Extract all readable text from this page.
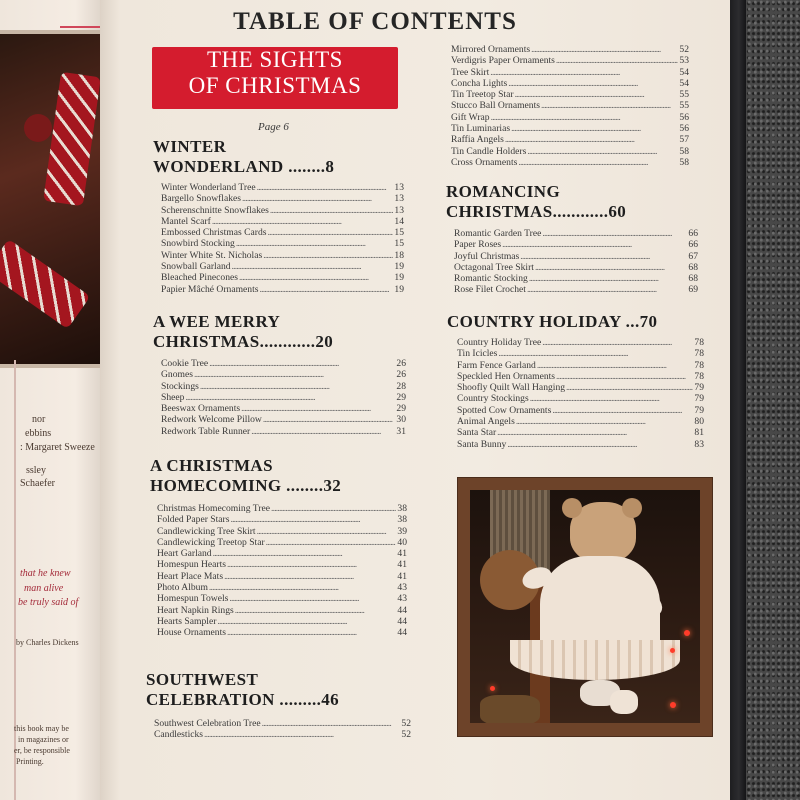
nor
ebbins
: Margaret Sweeze
ssley
Schaefer
that he knew
man alive
be truly said of
by Charles Dickens
this book may be
in magazines or
er, be responsible
Printing.
TABLE OF CONTENTS
THE SIGHTS
OF CHRISTMAS
Page 6
WINTER
WONDERLAND ........8
Winter Wonderland Tree . . .	13
Bargello Snowflakes . . .	13
Scherenschnitte Snowflakes . . .	13
Mantel Scarf . . .	14
Embossed Christmas Cards . . .	15
Snowbird Stocking . . .	15
Winter White St. Nicholas . . .	18
Snowball Garland . . .	19
Bleached Pinecones . . .	19
Papier Mâché Ornaments . . .	19
A WEE MERRY
CHRISTMAS............20
Cookie Tree . . .	26
Gnomes . . .	26
Stockings . . .	28
Sheep . . .	29
Beeswax Ornaments . . .	29
Redwork Welcome Pillow . . .	30
Redwork Table Runner . . .	31
A CHRISTMAS
HOMECOMING ........32
Christmas Homecoming Tree . . .	38
Folded Paper Stars . . .	38
Candlewicking Tree Skirt . . .	39
Candlewicking Treetop Star . . .	40
Heart Garland . . .	41
Homespun Hearts . . .	41
Heart Place Mats . . .	41
Photo Album . . .	43
Homespun Towels . . .	43
Heart Napkin Rings . . .	44
Hearts Sampler . . .	44
House Ornaments . . .	44
SOUTHWEST
CELEBRATION .........46
Southwest Celebration Tree . . .	52
Candlesticks . . .	52
Mirrored Ornaments . . .	52
Verdigris Paper Ornaments . . .	53
Tree Skirt . . .	54
Concha Lights . . .	54
Tin Treetop Star . . .	55
Stucco Ball Ornaments . . .	55
Gift Wrap . . .	56
Tin Luminarias . . .	56
Raffia Angels . . .	57
Tin Candle Holders . . .	58
Cross Ornaments . . .	58
ROMANCING
CHRISTMAS............60
Romantic Garden Tree . . .	66
Paper Roses . . .	66
Joyful Christmas . . .	67
Octagonal Tree Skirt . . .	68
Romantic Stocking . . .	68
Rose Filet Crochet . . .	69
COUNTRY HOLIDAY ...70
Country Holiday Tree . . .	78
Tin Icicles . . .	78
Farm Fence Garland . . .	78
Speckled Hen Ornaments . . .	78
Shoofly Quilt Wall Hanging . . .	79
Country Stockings . . .	79
Spotted Cow Ornaments . . .	79
Animal Angels . . .	80
Santa Star . . .	81
Santa Bunny . . .	83
